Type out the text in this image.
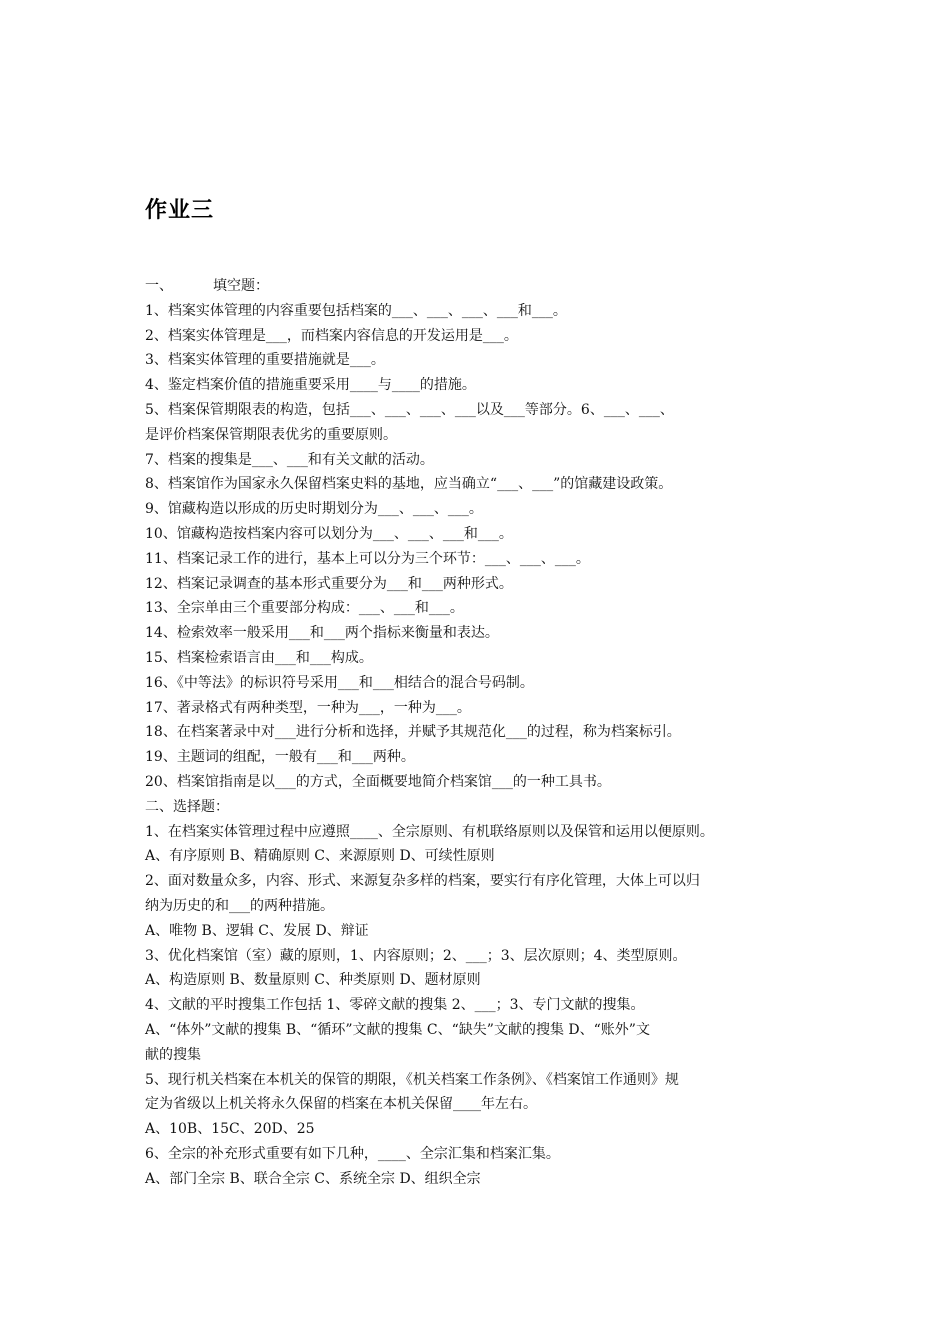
作业三
一、	填空题：
1、档案实体管理的内容重要包括档案的___、___、___、___和___。
2、档案实体管理是___，而档案内容信息的开发运用是___。
3、档案实体管理的重要措施就是___。
4、鉴定档案价值的措施重要采用____与____的措施。
5、档案保管期限表的构造，包括___、___、___、___以及___等部分。6、___、___、
是评价档案保管期限表优劣的重要原则。
7、档案的搜集是___、___和有关文献的活动。
8、档案馆作为国家永久保留档案史料的基地，应当确立“___、___”的馆藏建设政策。
9、馆藏构造以形成的历史时期划分为___、___、___。
10、馆藏构造按档案内容可以划分为___、___、___和___。
11、档案记录工作的进行，基本上可以分为三个环节：___、___、___。
12、档案记录调查的基本形式重要分为___和___两种形式。
13、全宗单由三个重要部分构成：___、___和___。
14、检索效率一般采用___和___两个指标来衡量和表达。
15、档案检索语言由___和___构成。
16、《中等法》的标识符号采用___和___相结合的混合号码制。
17、著录格式有两种类型，一种为___，一种为___。
18、在档案著录中对___进行分析和选择，并赋予其规范化___的过程，称为档案标引。
19、主题词的组配，一般有___和___两种。
20、档案馆指南是以___的方式，全面概要地简介档案馆___的一种工具书。
二、选择题：
1、在档案实体管理过程中应遵照____、全宗原则、有机联络原则以及保管和运用以便原则。
A、有序原则 B、精确原则 C、来源原则 D、可续性原则
2、面对数量众多，内容、形式、来源复杂多样的档案，要实行有序化管理，大体上可以归
纳为历史的和___的两种措施。
A、唯物 B、逻辑 C、发展 D、辩证
3、优化档案馆（室）藏的原则，1、内容原则；2、___；3、层次原则；4、类型原则。
A、构造原则 B、数量原则 C、种类原则 D、题材原则
4、文献的平时搜集工作包括 1、零碎文献的搜集 2、___；3、专门文献的搜集。
A、“体外”文献的搜集 B、“循环”文献的搜集 C、“缺失”文献的搜集 D、“账外”文
献的搜集
5、现行机关档案在本机关的保管的期限，《机关档案工作条例》、《档案馆工作通则》规
定为省级以上机关将永久保留的档案在本机关保留____年左右。
A、10B、15C、20D、25
6、全宗的补充形式重要有如下几种，____、全宗汇集和档案汇集。
A、部门全宗 B、联合全宗 C、系统全宗 D、组织全宗
